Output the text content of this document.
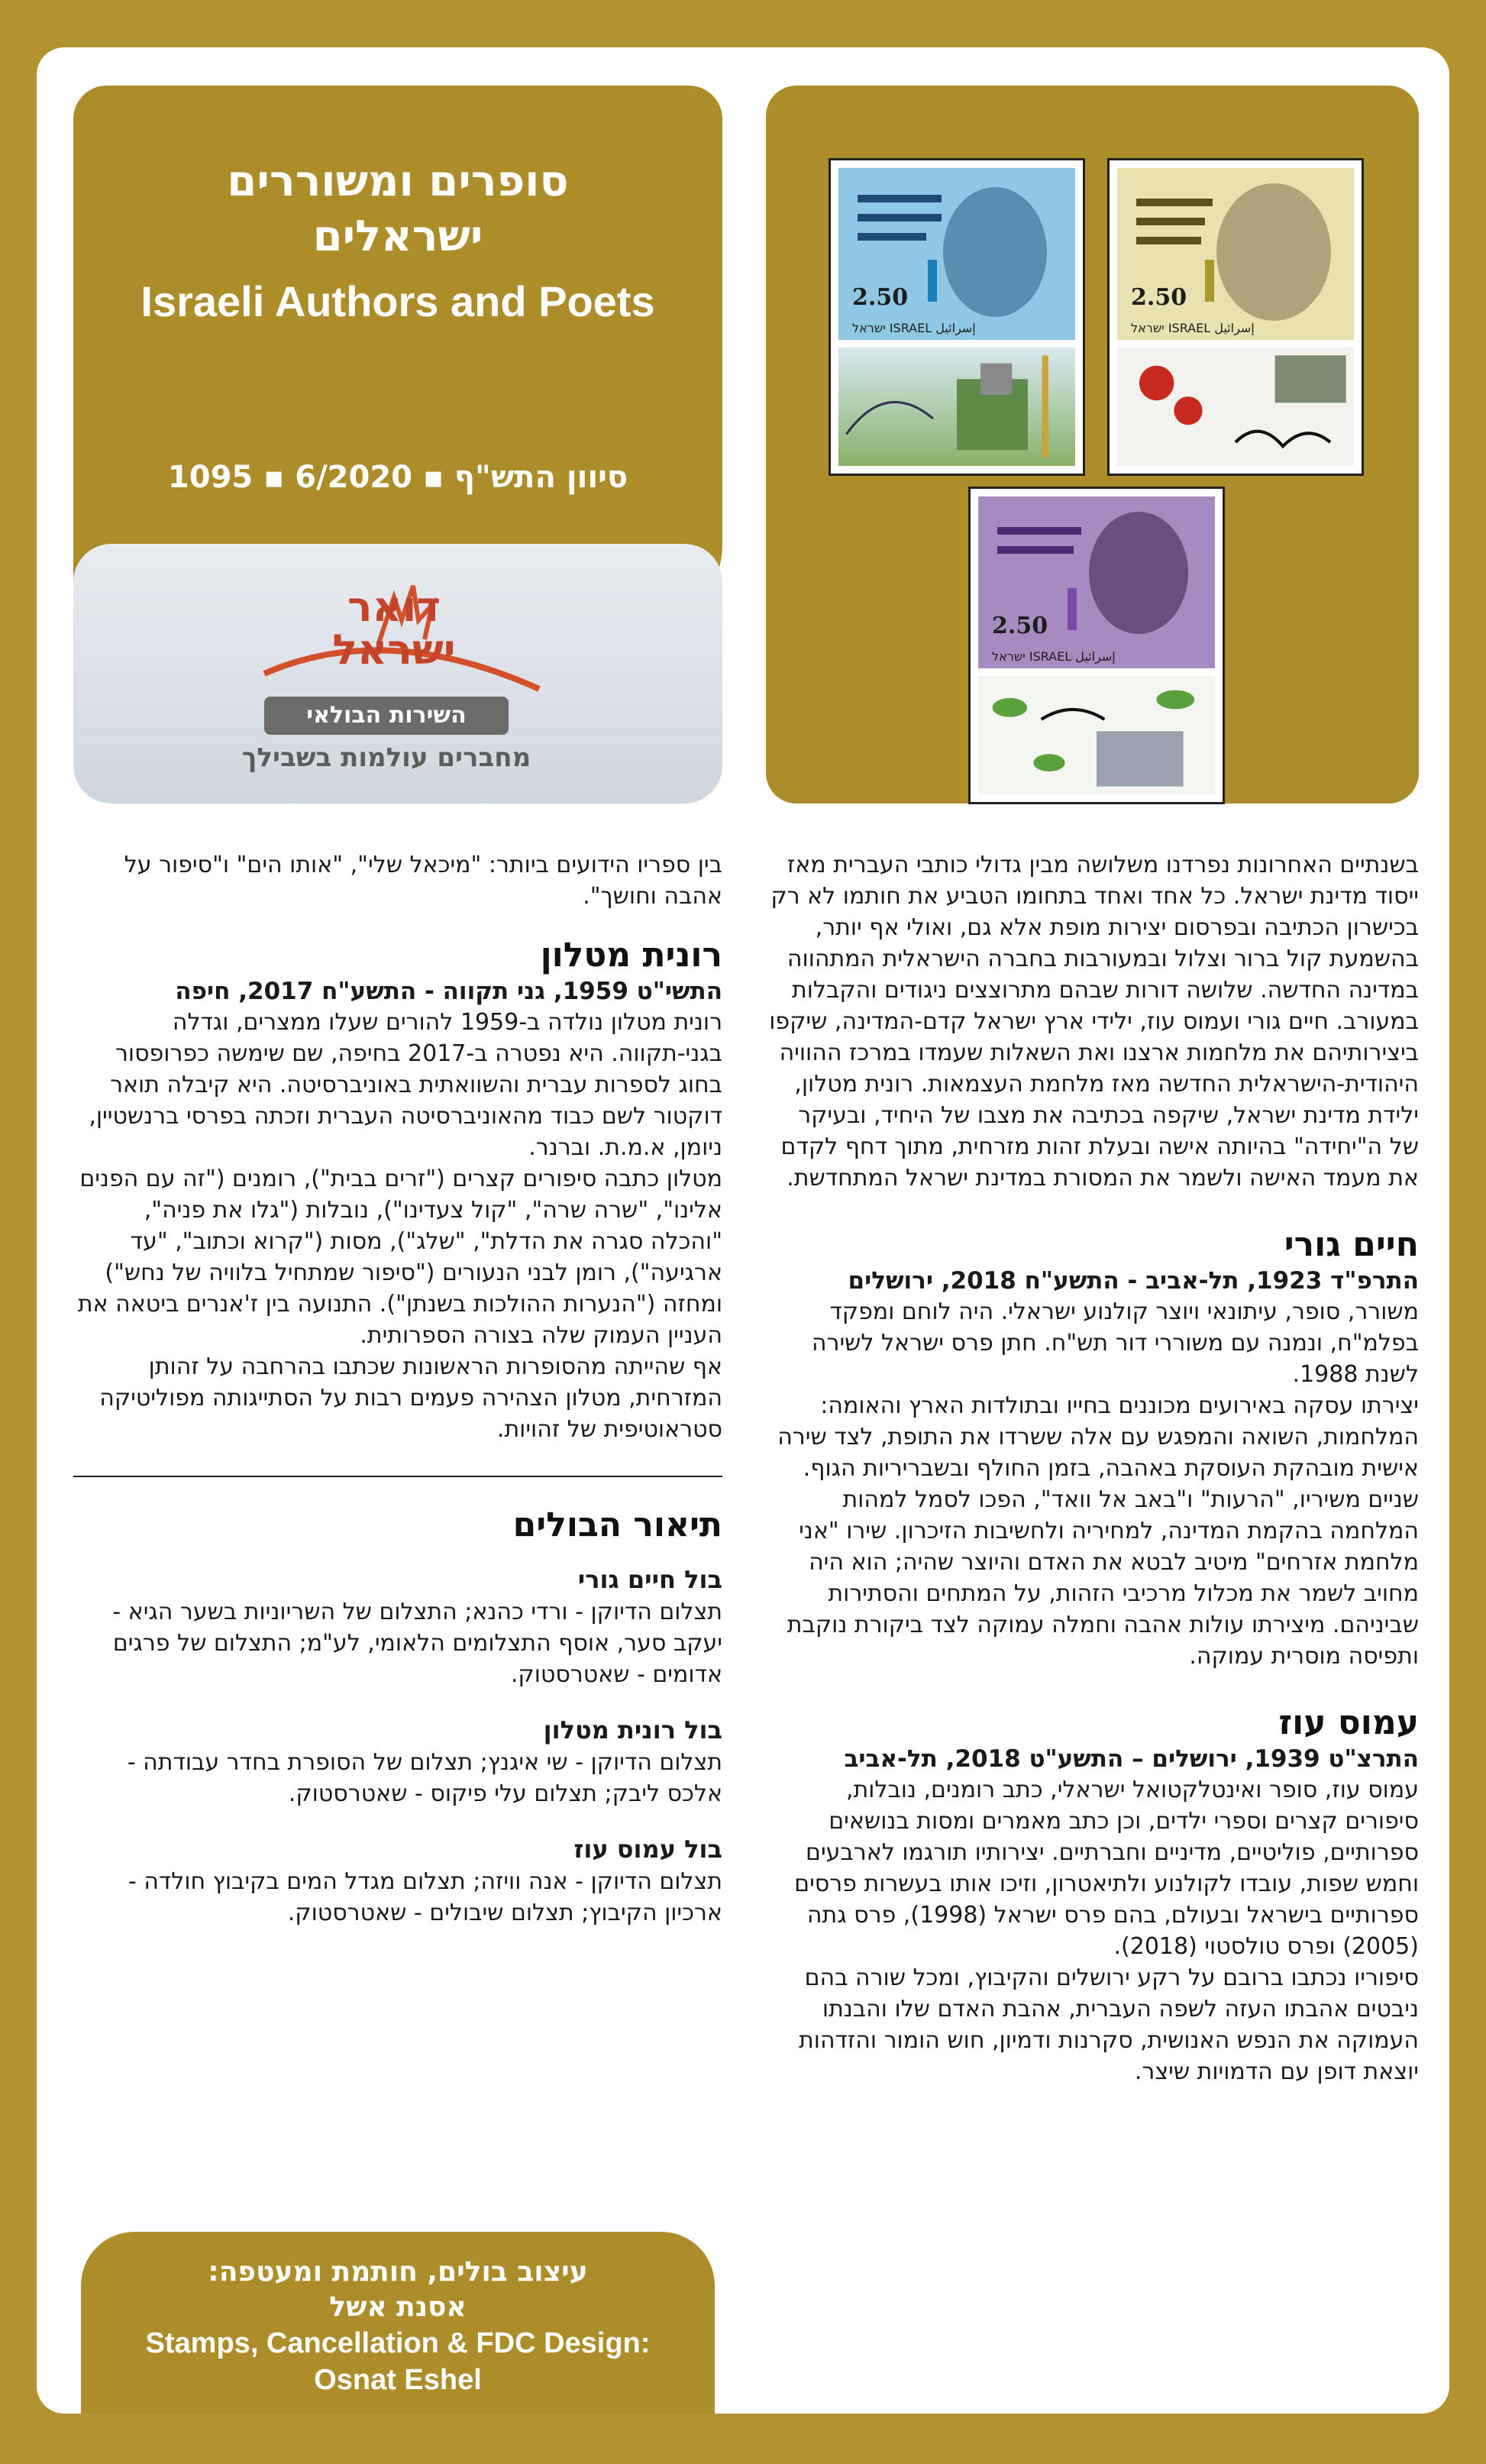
סופרים ומשוררים
ישראלים
Israeli Authors and Poets
סיוון התש"ף ▪ 6/2020 ▪ 1095
דואר
ישראל
השירות הבולאי
מחברים עולמות בשבילך
2.50
ישראל ISRAEL إسرائيل
2.50
ישראל ISRAEL إسرائيل
2.50
ישראל ISRAEL إسرائيل

בשנתיים האחרונות נפרדנו משלושה מבין גדולי כותבי העברית מאז ייסוד מדינת ישראל. כל אחד ואחד בתחומו הטביע את חותמו לא רק בכישרון הכתיבה ובפרסום יצירות מופת אלא גם, ואולי אף יותר, בהשמעת קול ברור וצלול ובמעורבות בחברה הישראלית המתהווה במדינה החדשה. שלושה דורות שבהם מתרוצצים ניגודים והקבלות במעורב. חיים גורי ועמוס עוז, ילידי ארץ ישראל קדם-המדינה, שיקפו ביצירותיהם את מלחמות ארצנו ואת השאלות שעמדו במרכז ההוויה היהודית-הישראלית החדשה מאז מלחמת העצמאות. רונית מטלון, ילידת מדינת ישראל, שיקפה בכתיבה את מצבו של היחיד, ובעיקר של ה"יחידה" בהיותה אישה ובעלת זהות מזרחית, מתוך דחף לקדם את מעמד האישה ולשמר את המסורת במדינת ישראל המתחדשת.

חיים גורי

התרפ"ד 1923, תל-אביב - התשע"ח 2018, ירושלים

משורר, סופר, עיתונאי ויוצר קולנוע ישראלי. היה לוחם ומפקד בפלמ"ח, ונמנה עם משוררי דור תש"ח. חתן פרס ישראל לשירה לשנת 1988.

יצירתו עסקה באירועים מכוננים בחייו ובתולדות הארץ והאומה: המלחמות, השואה והמפגש עם אלה ששרדו את התופת, לצד שירה אישית מובהקת העוסקת באהבה, בזמן החולף ובשבריריות הגוף.

שניים משיריו, "הרעות" ו"באב אל וואד", הפכו לסמל למהות המלחמה בהקמת המדינה, למחיריה ולחשיבות הזיכרון. שירו "אני מלחמת אזרחים" מיטיב לבטא את האדם והיוצר שהיה; הוא היה מחויב לשמר את מכלול מרכיבי הזהות, על המתחים והסתירות שביניהם. מיצירתו עולות אהבה וחמלה עמוקה לצד ביקורת נוקבת ותפיסה מוסרית עמוקה.

עמוס עוז

התרצ"ט 1939, ירושלים – התשע"ט 2018, תל-אביב

עמוס עוז, סופר ואינטלקטואל ישראלי, כתב רומנים, נובלות, סיפורים קצרים וספרי ילדים, וכן כתב מאמרים ומסות בנושאים ספרותיים, פוליטיים, מדיניים וחברתיים. יצירותיו תורגמו לארבעים וחמש שפות, עובדו לקולנוע ולתיאטרון, וזיכו אותו בעשרות פרסים ספרותיים בישראל ובעולם, בהם פרס ישראל (1998), פרס גתה (2005) ופרס טולסטוי (2018).

סיפוריו נכתבו ברובם על רקע ירושלים והקיבוץ, ומכל שורה בהם ניבטים אהבתו העזה לשפה העברית, אהבת האדם שלו והבנתו העמוקה את הנפש האנושית, סקרנות ודמיון, חוש הומור והזדהות יוצאת דופן עם הדמויות שיצר.

בין ספריו הידועים ביותר: "מיכאל שלי", "אותו הים" ו"סיפור על אהבה וחושך".

רונית מטלון

התשי"ט 1959, גני תקווה - התשע"ח 2017, חיפה

רונית מטלון נולדה ב-1959 להורים שעלו ממצרים, וגדלה בגני-תקווה. היא נפטרה ב-2017 בחיפה, שם שימשה כפרופסור בחוג לספרות עברית והשוואתית באוניברסיטה. היא קיבלה תואר דוקטור לשם כבוד מהאוניברסיטה העברית וזכתה בפרסי ברנשטיין, ניומן, א.מ.ת. וברנר.

מטלון כתבה סיפורים קצרים ("זרים בבית"), רומנים ("זה עם הפנים אלינו", "שרה שרה", "קול צעדינו"), נובלות ("גלו את פניה", "והכלה סגרה את הדלת", "שלג"), מסות ("קרוא וכתוב", "עד ארגיעה"), רומן לבני הנעורים ("סיפור שמתחיל בלוויה של נחש") ומחזה ("הנערות ההולכות בשנתן"). התנועה בין ז'אנרים ביטאה את העניין העמוק שלה בצורה הספרותית.

אף שהייתה מהסופרות הראשונות שכתבו בהרחבה על זהותן המזרחית, מטלון הצהירה פעמים רבות על הסתייגותה מפוליטיקה סטראוטיפית של זהויות.

תיאור הבולים

בול חיים גורי

תצלום הדיוקן - ורדי כהנא; התצלום של השריוניות בשער הגיא - יעקב סער, אוסף התצלומים הלאומי, לע"מ; התצלום של פרגים אדומים - שאטרסטוק.

בול רונית מטלון

תצלום הדיוקן - שי איגנץ; תצלום של הסופרת בחדר עבודתה - אלכס ליבק; תצלום עלי פיקוס - שאטרסטוק.

בול עמוס עוז

תצלום הדיוקן - אנה וויזה; תצלום מגדל המים בקיבוץ חולדה - ארכיון הקיבוץ; תצלום שיבולים - שאטרסטוק.

עיצוב בולים, חותמת ומעטפה:
אסנת אשל
Stamps, Cancellation & FDC Design:
Osnat Eshel
